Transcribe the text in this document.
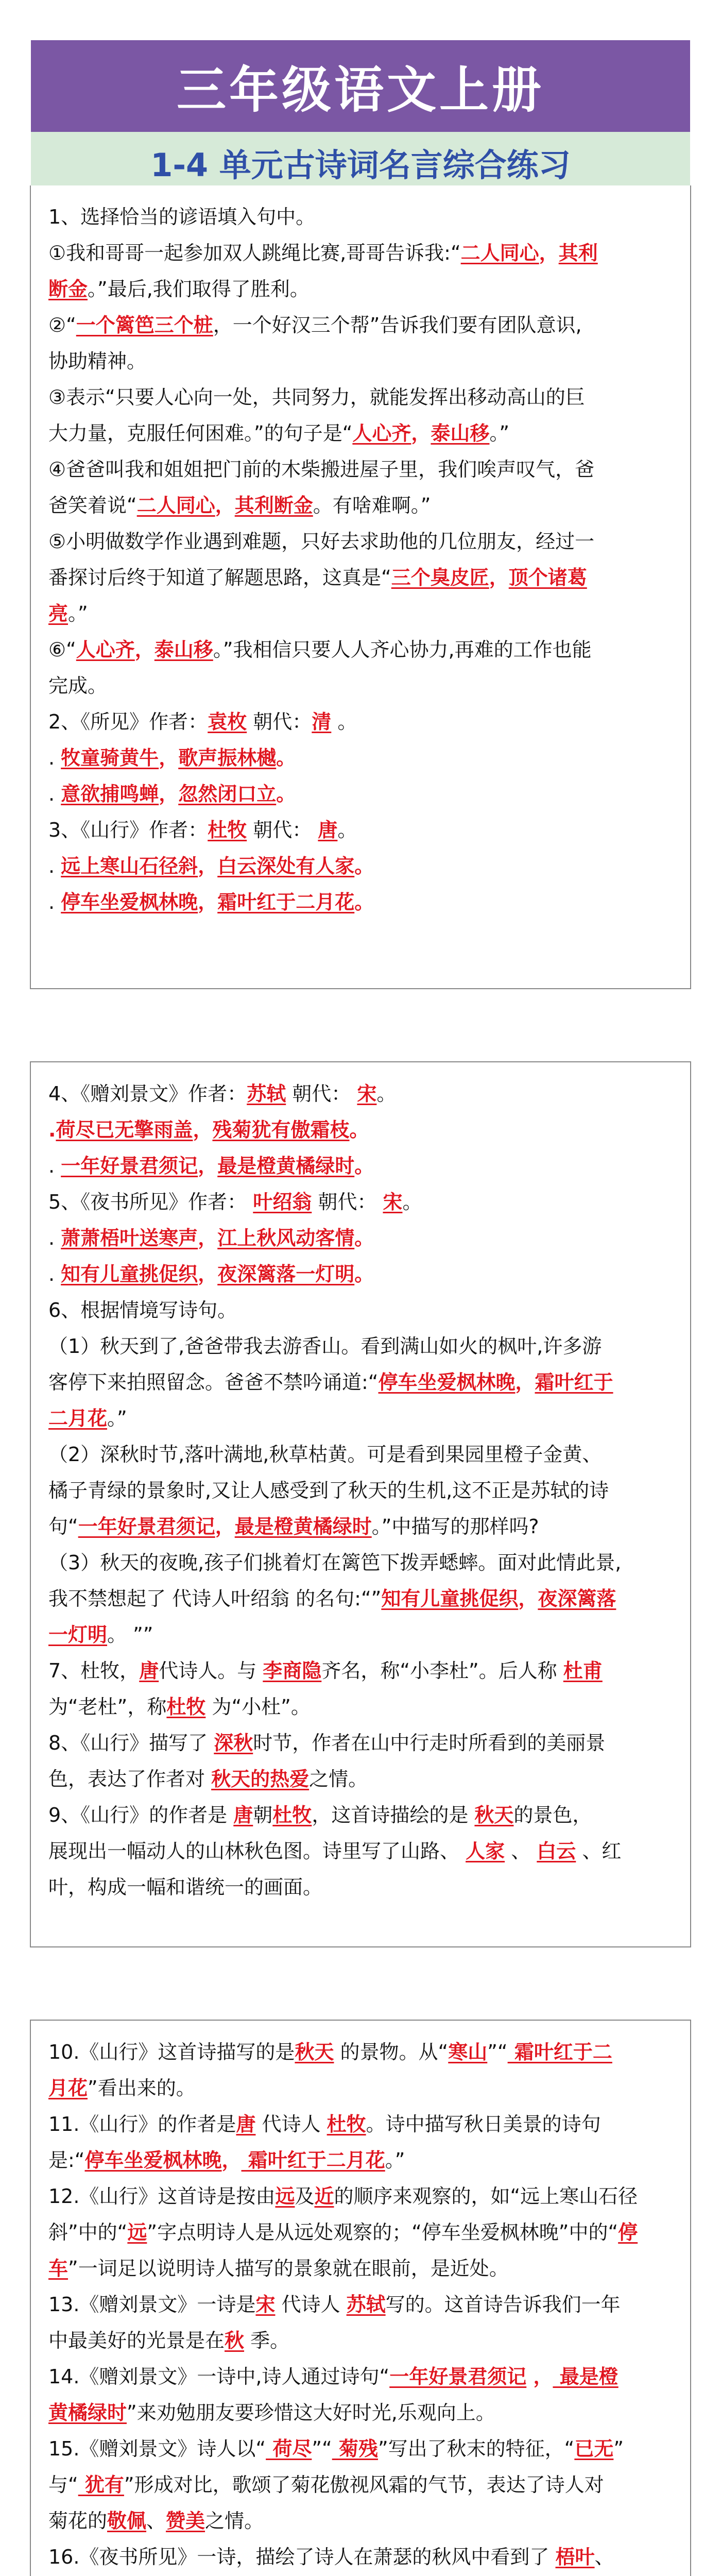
三年级语文上册
1-4 单元古诗词名言综合练习

1、选择恰当的谚语填入句中。

①我和哥哥一起参加双人跳绳比赛,哥哥告诉我:“二人同心，其利

断金。”最后,我们取得了胜利。

②“一个篱笆三个桩，一个好汉三个帮”告诉我们要有团队意识,

协助精神。

③表示“只要人心向一处，共同努力，就能发挥出移动高山的巨

大力量，克服任何困难。”的句子是“人心齐，泰山移。”

④爸爸叫我和姐姐把门前的木柴搬进屋子里，我们唉声叹气，爸

爸笑着说“二人同心，其利断金。有啥难啊。”

⑤小明做数学作业遇到难题，只好去求助他的几位朋友，经过一

番探讨后终于知道了解题思路，这真是“三个臭皮匠，顶个诸葛

亮。”

⑥“人心齐，泰山移。”我相信只要人人齐心协力,再难的工作也能

完成。

2、《所见》作者：袁枚 朝代：清 。

. 牧童骑黄牛，歌声振林樾。

. 意欲捕鸣蝉，忽然闭口立。

3、《山行》作者：杜牧 朝代： 唐。

. 远上寒山石径斜，白云深处有人家。

. 停车坐爱枫林晚，霜叶红于二月花。

4、《赠刘景文》作者：苏轼 朝代： 宋。

.荷尽已无擎雨盖，残菊犹有傲霜枝。

. 一年好景君须记，最是橙黄橘绿时。

5、《夜书所见》作者： 叶绍翁 朝代： 宋。

. 萧萧梧叶送寒声，江上秋风动客情。

. 知有儿童挑促织，夜深篱落一灯明。

6、根据情境写诗句。

（1）秋天到了,爸爸带我去游香山。看到满山如火的枫叶,许多游

客停下来拍照留念。爸爸不禁吟诵道:“停车坐爱枫林晚，霜叶红于

二月花。”

（2）深秋时节,落叶满地,秋草枯黄。可是看到果园里橙子金黄、

橘子青绿的景象时,又让人感受到了秋天的生机,这不正是苏轼的诗

句“一年好景君须记，最是橙黄橘绿时。”中描写的那样吗?

（3）秋天的夜晚,孩子们挑着灯在篱笆下拨弄蟋蟀。面对此情此景,

我不禁想起了 代诗人叶绍翁 的名句:“”知有儿童挑促织，夜深篱落

一灯明。 ””

7、杜牧，唐代诗人。与 李商隐齐名，称“小李杜”。后人称 杜甫

为“老杜”，称杜牧 为“小杜”。

8、《山行》描写了 深秋时节，作者在山中行走时所看到的美丽景

色，表达了作者对 秋天的热爱之情。

9、《山行》的作者是 唐朝杜牧，这首诗描绘的是 秋天的景色，

展现出一幅动人的山林秋色图。诗里写了山路、 人家 、 白云 、红

叶，构成一幅和谐统一的画面。

10.《山行》这首诗描写的是秋天 的景物。从“寒山”“ 霜叶红于二

月花”看出来的。

11.《山行》的作者是唐 代诗人 杜牧。诗中描写秋日美景的诗句

是:“停车坐爱枫林晚， 霜叶红于二月花。”

12.《山行》这首诗是按由远及近的顺序来观察的，如“远上寒山石径

斜”中的“远”字点明诗人是从远处观察的；“停车坐爱枫林晚”中的“停

车”一词足以说明诗人描写的景象就在眼前，是近处。

13.《赠刘景文》一诗是宋 代诗人 苏轼写的。这首诗告诉我们一年

中最美好的光景是在秋 季。

14.《赠刘景文》一诗中,诗人通过诗句“一年好景君须记 ， 最是橙

黄橘绿时”来劝勉朋友要珍惜这大好时光,乐观向上。

15.《赠刘景文》诗人以“ 荷尽”“ 菊残”写出了秋末的特征，“已无”

与“ 犹有”形成对比，歌颂了菊花傲视风霜的气节，表达了诗人对

菊花的敬佩、赞美之情。

16.《夜书所见》一诗，描绘了诗人在萧瑟的秋风中看到了 梧叶、
